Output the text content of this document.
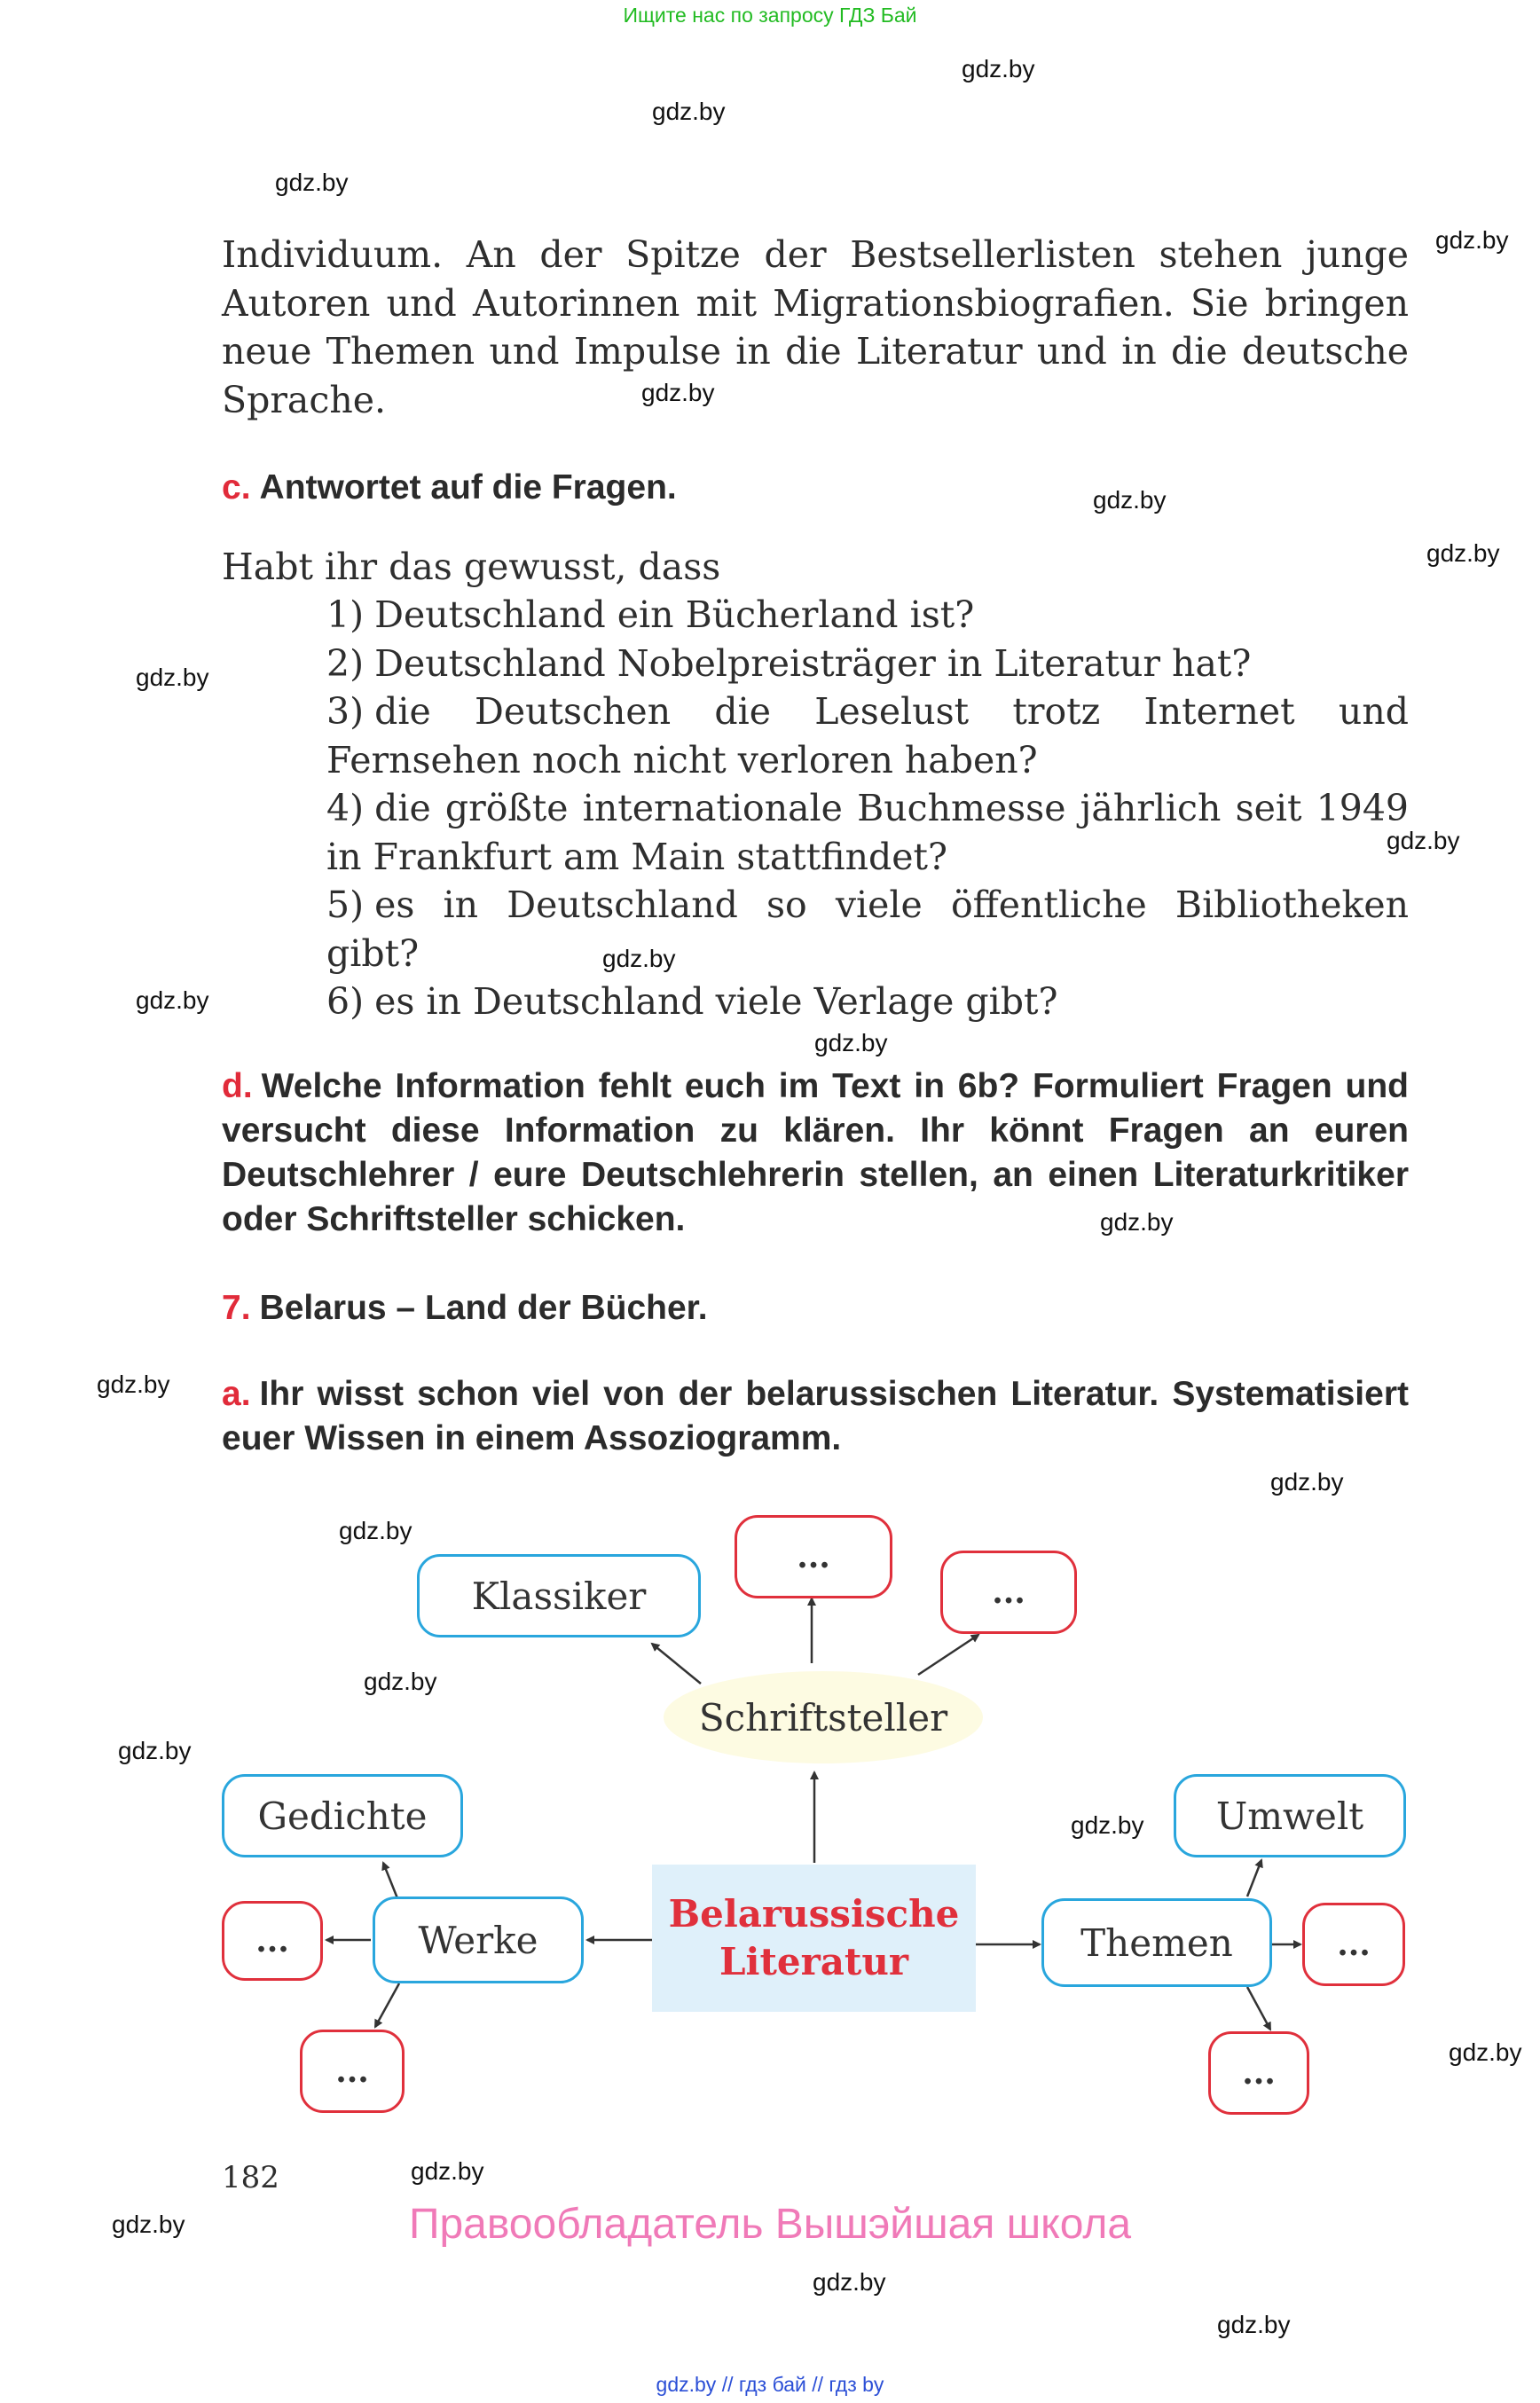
Ищите нас по запросу ГДЗ Бай
gdz.by
gdz.by
gdz.by
gdz.by
gdz.by
gdz.by
gdz.by
gdz.by
gdz.by
gdz.by
gdz.by
gdz.by
gdz.by
gdz.by
gdz.by
gdz.by
gdz.by
gdz.by
gdz.by
gdz.by
gdz.by
gdz.by
gdz.by
gdz.by

Individuum. An der Spitze der Bestsellerlisten stehen junge Autoren und Autorinnen mit Migrationsbiografien. Sie bringen neue Themen und Impulse in die Literatur und in die deutsche Sprache.

c. Antwortet auf die Fragen.
Habt ihr das gewusst, dass

1) Deutschland ein Bücherland ist?

2) Deutschland Nobelpreisträger in Literatur hat?

3) die Deutschen die Leselust trotz Internet und Fernsehen noch nicht verloren haben?

4) die größte internationale Buchmesse jährlich seit 1949 in Frankfurt am Main stattfindet?

5) es in Deutschland so viele öffentliche Bibliotheken gibt?

6) es in Deutschland viele Verlage gibt?

d. Welche Information fehlt euch im Text in 6b? Formuliert Fragen und versucht diese Information zu klären. Ihr könnt Fragen an euren Deutschlehrer / eure Deutschlehrerin stellen, an einen Literaturkritiker oder Schriftsteller schicken.
7. Belarus – Land der Bücher.
a. Ihr wisst schon viel von der belarussischen Literatur. Systematisiert euer Wissen in einem Assoziogramm.
Klassiker
...
...
Schriftsteller
Belarussische
Literatur
Gedichte
Werke
...
...
Umwelt
Themen	...
...
182
Правообладатель Вышэйшая школа
gdz.by // гдз бай // гдз by
